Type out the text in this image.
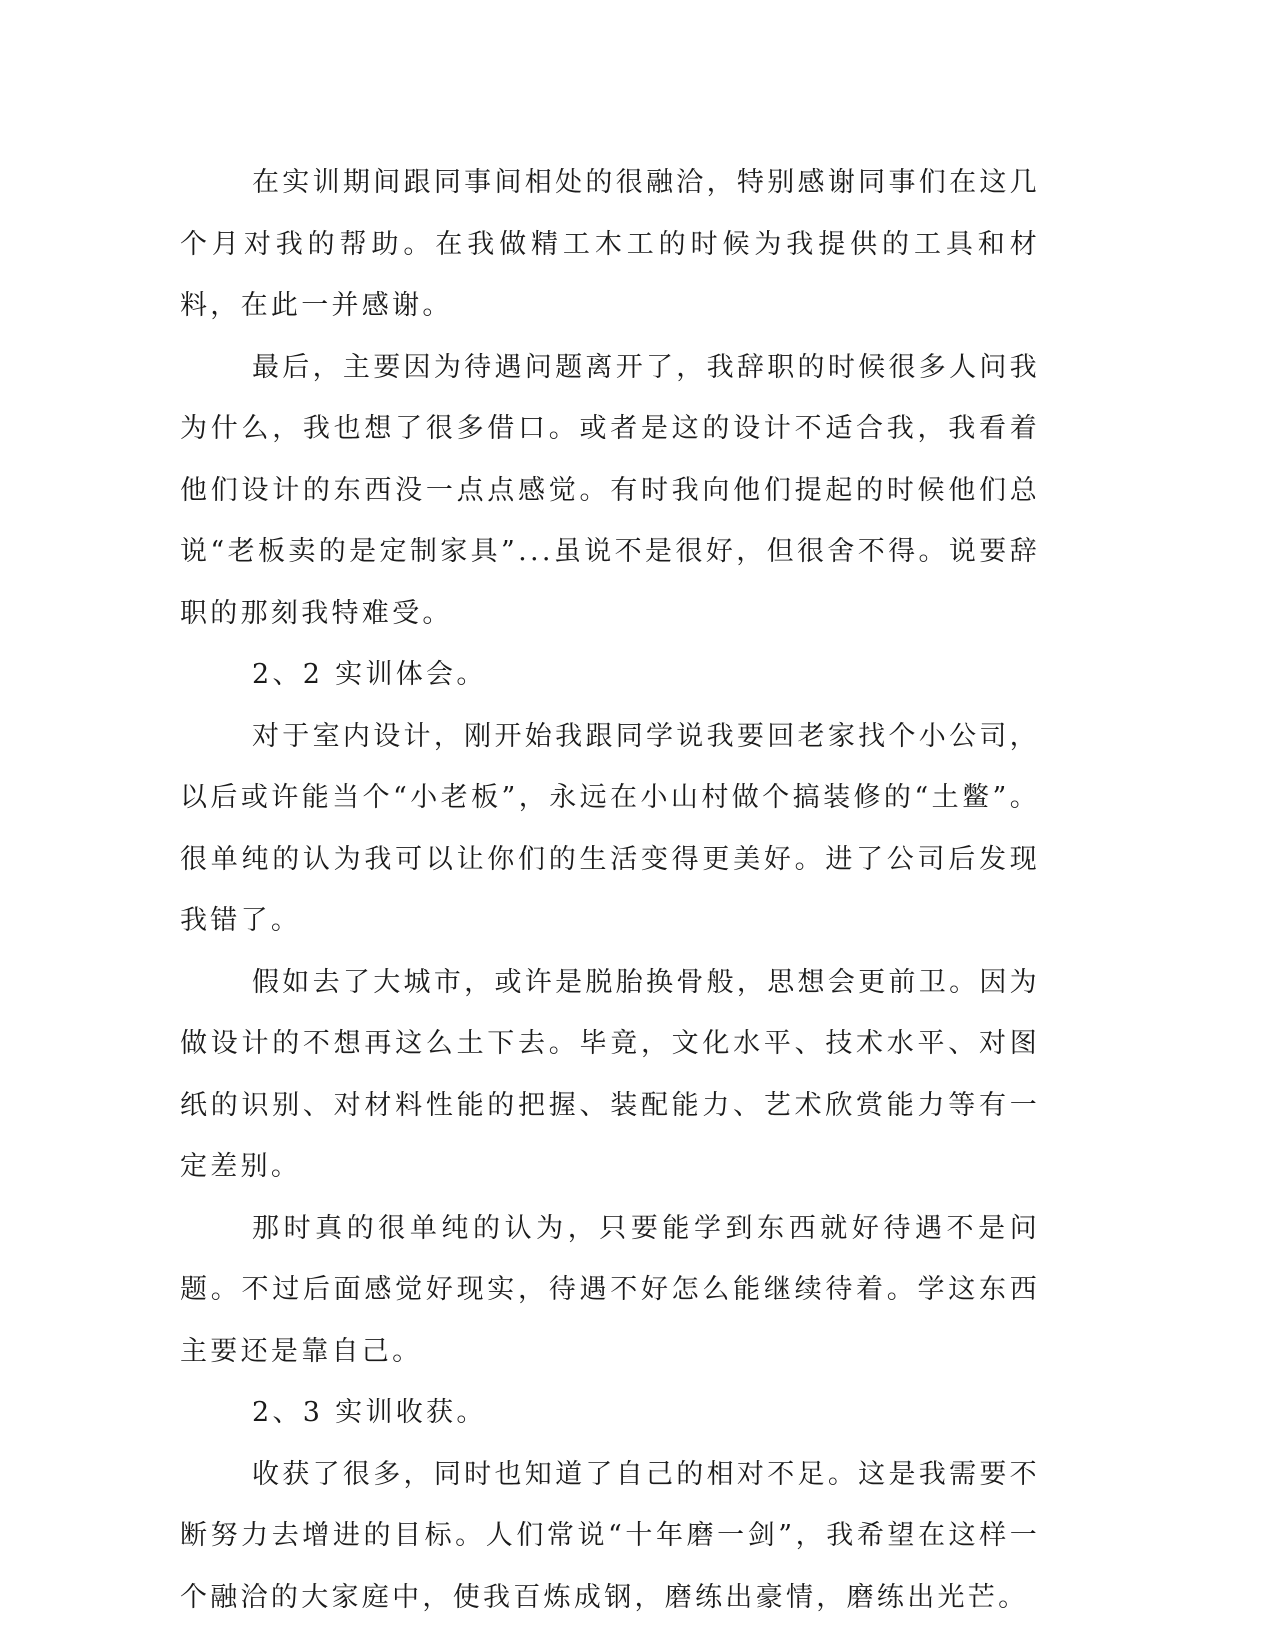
在实训期间跟同事间相处的很融洽，特别感谢同事们在这几个月对我的帮助。在我做精工木工的时候为我提供的工具和材料，在此一并感谢。

最后，主要因为待遇问题离开了，我辞职的时候很多人问我为什么，我也想了很多借口。或者是这的设计不适合我，我看着他们设计的东西没一点点感觉。有时我向他们提起的时候他们总说“老板卖的是定制家具”...虽说不是很好，但很舍不得。说要辞职的那刻我特难受。

2、2 实训体会。

对于室内设计，刚开始我跟同学说我要回老家找个小公司，以后或许能当个“小老板”，永远在小山村做个搞装修的“土鳖”。很单纯的认为我可以让你们的生活变得更美好。进了公司后发现我错了。

假如去了大城市，或许是脱胎换骨般，思想会更前卫。因为做设计的不想再这么土下去。毕竟，文化水平、技术水平、对图纸的识别、对材料性能的把握、装配能力、艺术欣赏能力等有一定差别。

那时真的很单纯的认为，只要能学到东西就好待遇不是问题。不过后面感觉好现实，待遇不好怎么能继续待着。学这东西主要还是靠自己。

2、3 实训收获。

收获了很多，同时也知道了自己的相对不足。这是我需要不断努力去增进的目标。人们常说“十年磨一剑”，我希望在这样一个融洽的大家庭中，使我百炼成钢，磨练出豪情，磨练出光芒。
